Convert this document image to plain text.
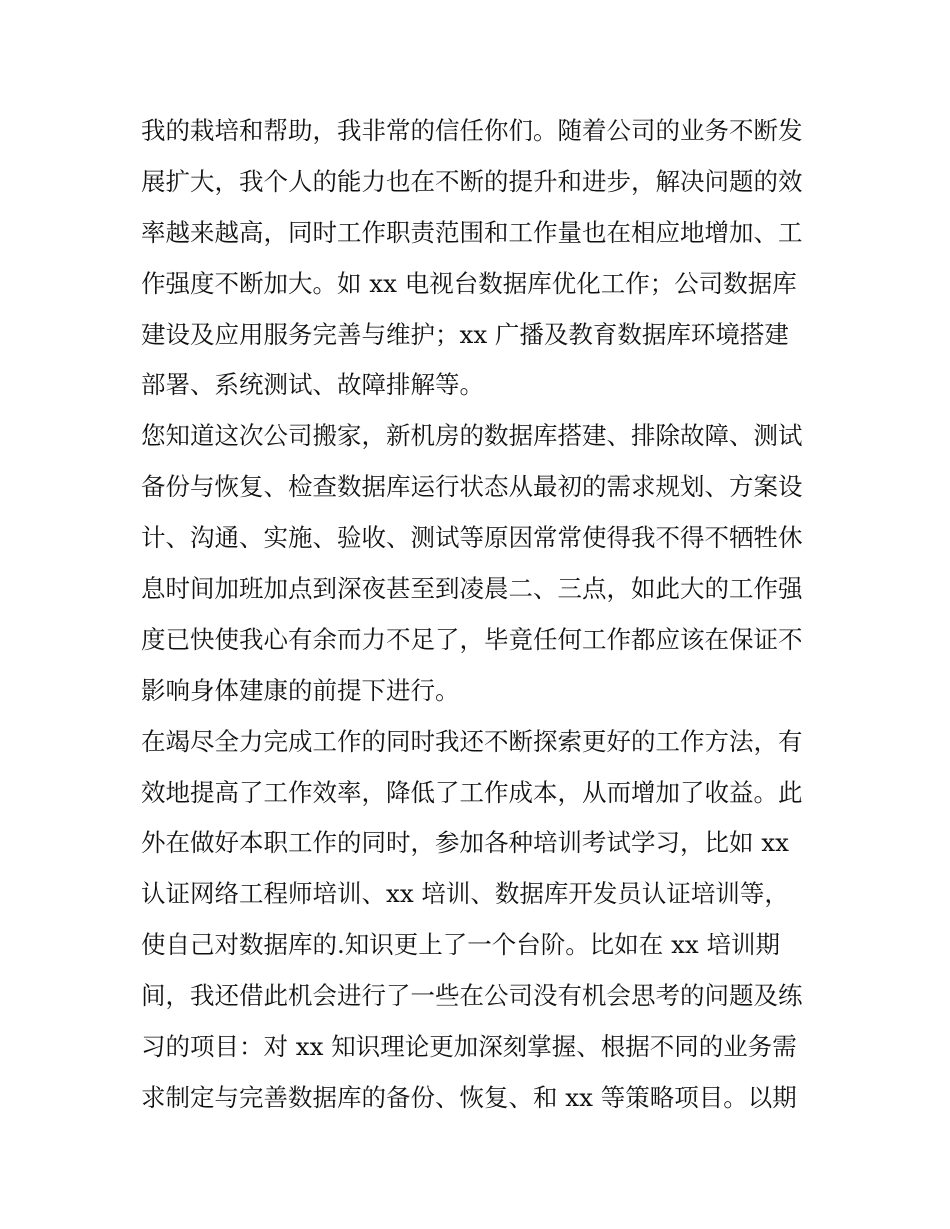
我的栽培和帮助，我非常的信任你们。随着公司的业务不断发
展扩大，我个人的能力也在不断的提升和进步，解决问题的效
率越来越高，同时工作职责范围和工作量也在相应地增加、工
作强度不断加大。如 xx 电视台数据库优化工作；公司数据库
建设及应用服务完善与维护；xx 广播及教育数据库环境搭建
部署、系统测试、故障排解等。
您知道这次公司搬家，新机房的数据库搭建、排除故障、测试
备份与恢复、检查数据库运行状态从最初的需求规划、方案设
计、沟通、实施、验收、测试等原因常常使得我不得不牺牲休
息时间加班加点到深夜甚至到凌晨二、三点，如此大的工作强
度已快使我心有余而力不足了，毕竟任何工作都应该在保证不
影响身体建康的前提下进行。
在竭尽全力完成工作的同时我还不断探索更好的工作方法，有
效地提高了工作效率，降低了工作成本，从而增加了收益。此
外在做好本职工作的同时，参加各种培训考试学习，比如 xx
认证网络工程师培训、xx 培训、数据库开发员认证培训等，
使自己对数据库的.知识更上了一个台阶。比如在 xx 培训期
间，我还借此机会进行了一些在公司没有机会思考的问题及练
习的项目：对 xx 知识理论更加深刻掌握、根据不同的业务需
求制定与完善数据库的备份、恢复、和 xx 等策略项目。以期
